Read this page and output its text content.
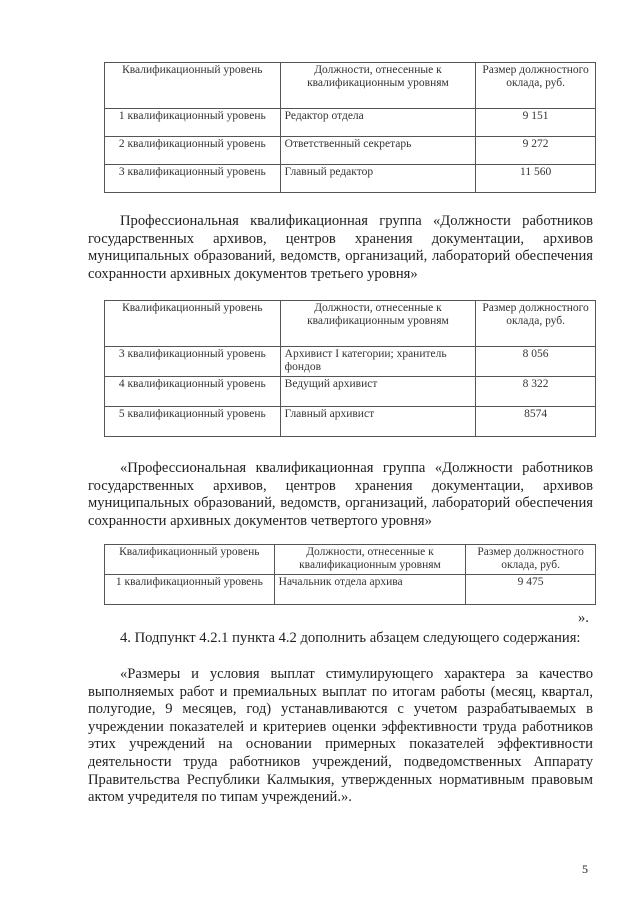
Квалификационный уровень	Должности, отнесенные к квалификационным уровням	Размер должностного оклада, руб.
1 квалификационный уровень	Редактор отдела	9 151
2 квалификационный уровень	Ответственный секретарь	9 272
3 квалификационный уровень	Главный редактор	11 560
Профессиональная квалификационная группа «Должности работников государственных архивов, центров хранения документации, архивов муниципальных образований, ведомств, организаций, лабораторий обеспечения сохранности архивных документов третьего уровня»
Квалификационный уровень	Должности, отнесенные к квалификационным уровням	Размер должностного оклада, руб.
3 квалификационный уровень	Архивист I категории; хранитель фондов	8 056
4 квалификационный уровень	Ведущий архивист	8 322
5 квалификационный уровень	Главный архивист	8574
«Профессиональная квалификационная группа «Должности работников государственных архивов, центров хранения документации, архивов муниципальных образований, ведомств, организаций, лабораторий обеспечения сохранности архивных документов четвертого уровня»
Квалификационный уровень	Должности, отнесенные к квалификационным уровням	Размер должностного оклада, руб.
1 квалификационный уровень	Начальник отдела архива	9 475
».
4. Подпункт 4.2.1 пункта 4.2 дополнить абзацем следующего содержания:
«Размеры и условия выплат стимулирующего характера за качество выполняемых работ и премиальных выплат по итогам работы (месяц, квартал, полугодие, 9 месяцев, год) устанавливаются с учетом разрабатываемых в учреждении показателей и критериев оценки эффективности труда работников этих учреждений на основании примерных показателей эффективности деятельности труда работников учреждений, подведомственных Аппарату Правительства Республики Калмыкия, утвержденных нормативным правовым актом учредителя по типам учреждений.».
5
